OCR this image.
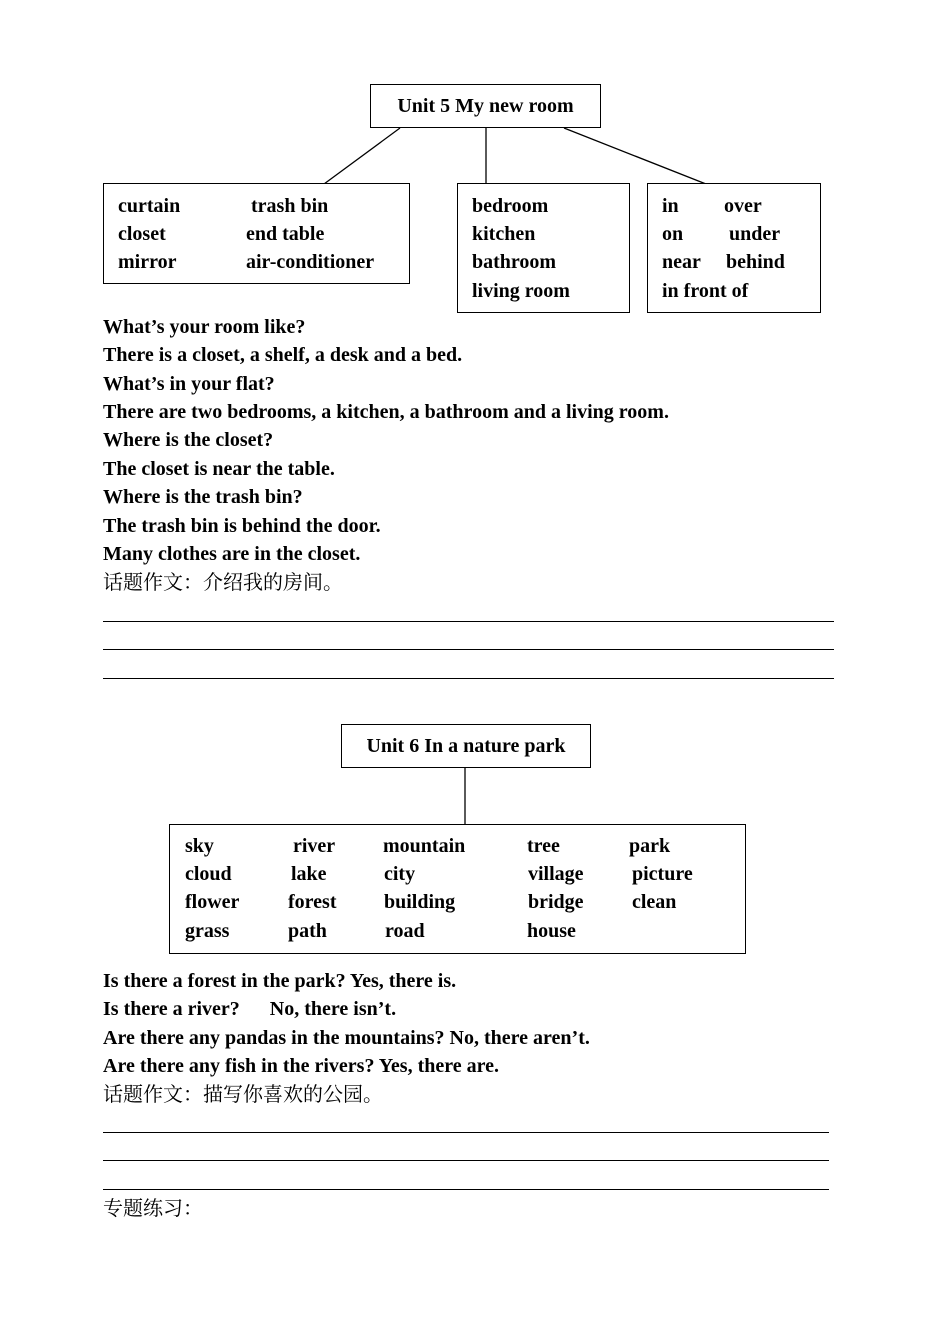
Unit 5 My new room
curtain
closet
mirror
trash bin
end table
air-conditioner
bedroom
kitchen
bathroom
living room
in
on
near
in front of
over
under
behind
What’s your room like?
There is a closet, a shelf, a desk and a bed.
What’s in your flat?
There are two bedrooms, a kitchen, a bathroom and a living room.
Where is the closet?
The closet is near the table.
Where is the trash bin?
The trash bin is behind the door.
Many clothes are in the closet.
话题作文：介绍我的房间。
Unit 6 In a nature park
sky
cloud
flower
grass
river
lake
forest
path
mountain
city
building
road
tree
village
bridge
house
park
picture
clean
Is there a forest in the park? Yes, there is.
Is there a river?      No, there isn’t.
Are there any pandas in the mountains? No, there aren’t.
Are there any fish in the rivers? Yes, there are.
话题作文：描写你喜欢的公园。
专题练习：
